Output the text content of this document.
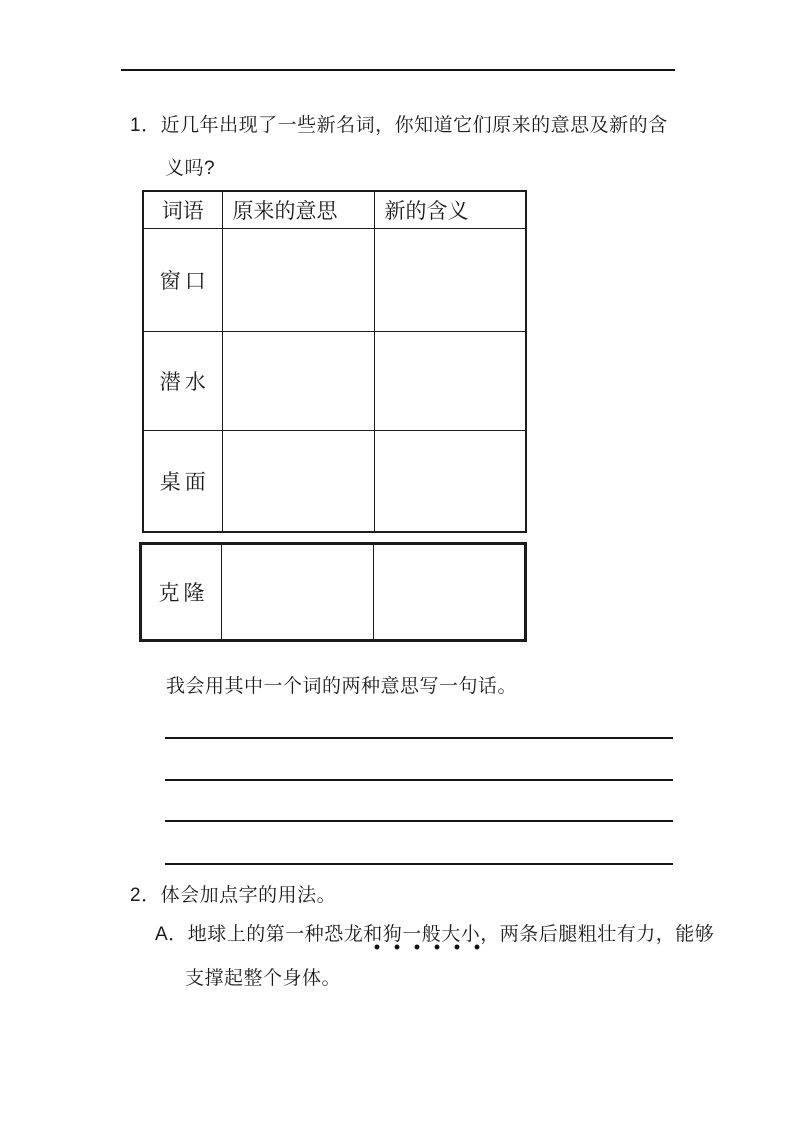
1．近几年出现了一些新名词，你知道它们原来的意思及新的含
义吗?
词语	原来的意思	新的含义
窗口		
潜水		
桌面		
克隆		
我会用其中一个词的两种意思写一句话。
2．体会加点字的用法。
A．地球上的第一种恐龙和狗一般大小，两条后腿粗壮有力，能够
支撑起整个身体。
